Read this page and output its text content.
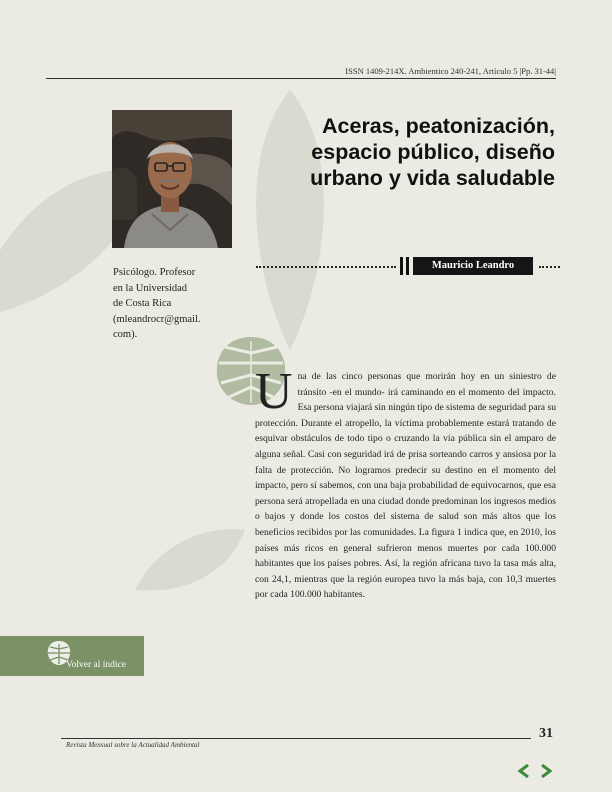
ISSN 1409-214X. Ambientico 240-241, Artículo 5 |Pp. 31-44|
Aceras, peatonización,
espacio público, diseño
urbano y vida saludable
Mauricio Leandro
Psicólogo. Profesor
en la Universidad
de Costa Rica
(mleandrocr@gmail.
com).

Una de las cinco personas que morirán hoy en un siniestro de tránsito -en el mundo- irá caminando en el momento del impacto. Esa persona viajará sin ningún tipo de sistema de seguridad para su protección. Durante el atropello, la víctima probablemente estará tratando de esquivar obstáculos de todo tipo o cruzando la vía pública sin el amparo de alguna señal. Casi con seguridad irá de prisa sorteando carros y ansiosa por la falta de protección. No logramos predecir su destino en el momento del impacto, pero sí sabemos, con una baja probabilidad de equivocarnos, que esa persona será atropellada en una ciudad donde predominan los ingresos medios o bajos y donde los costos del sistema de salud son más altos que los beneficios recibidos por las comunidades. La figura 1 indica que, en 2010, los países más ricos en general sufrieron menos muertes por cada 100.000 habitantes que los países pobres. Así, la región africana tuvo la tasa más alta, con 24,1, mientras que la región europea tuvo la más baja, con 10,3 muertes por cada 100.000 habitantes.

Volver al índice
31
Revista Mensual sobre la Actualidad Ambiental
